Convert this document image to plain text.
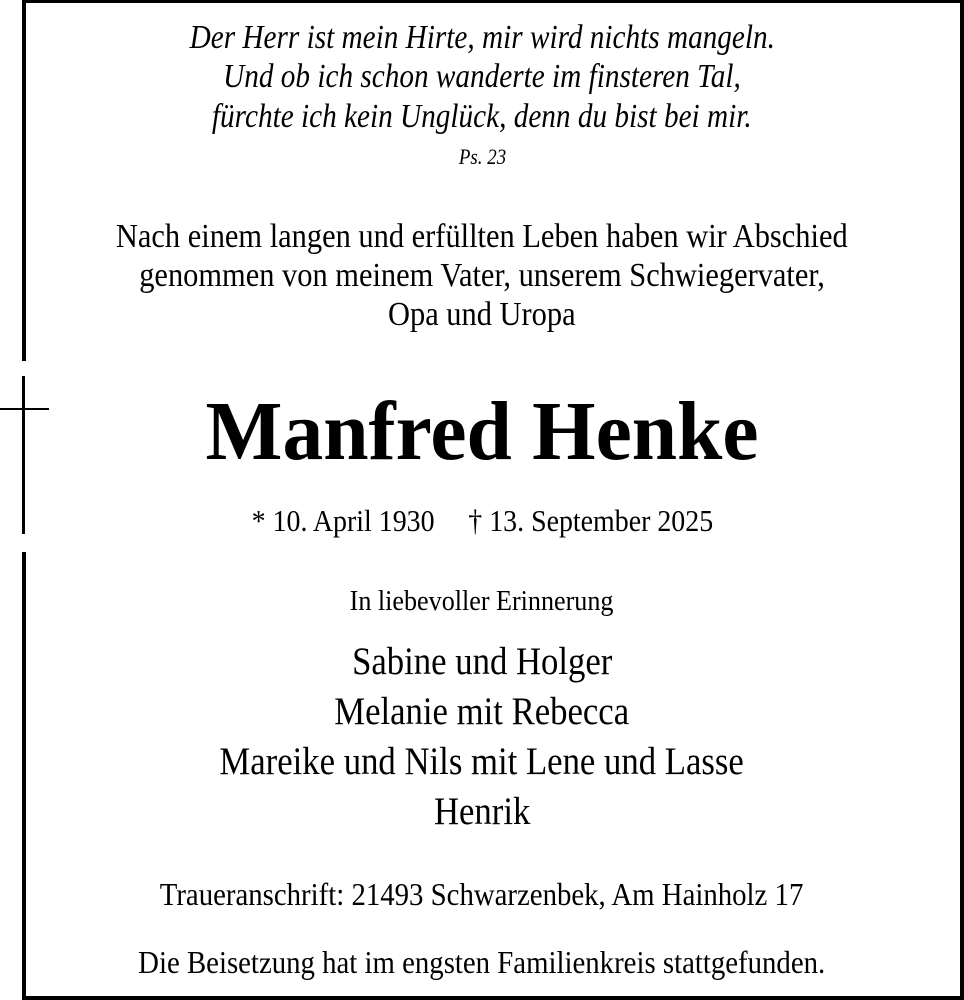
Der Herr ist mein Hirte, mir wird nichts mangeln.
Und ob ich schon wanderte im finsteren Tal,
fürchte ich kein Unglück, denn du bist bei mir.
Ps. 23
Nach einem langen und erfüllten Leben haben wir Abschied
genommen von meinem Vater, unserem Schwiegervater,
Opa und Uropa
Manfred Henke
* 10. April 1930 † 13. September 2025
In liebevoller Erinnerung
Sabine und Holger
Melanie mit Rebecca
Mareike und Nils mit Lene und Lasse
Henrik
Traueranschrift: 21493 Schwarzenbek, Am Hainholz 17
Die Beisetzung hat im engsten Familienkreis stattgefunden.
